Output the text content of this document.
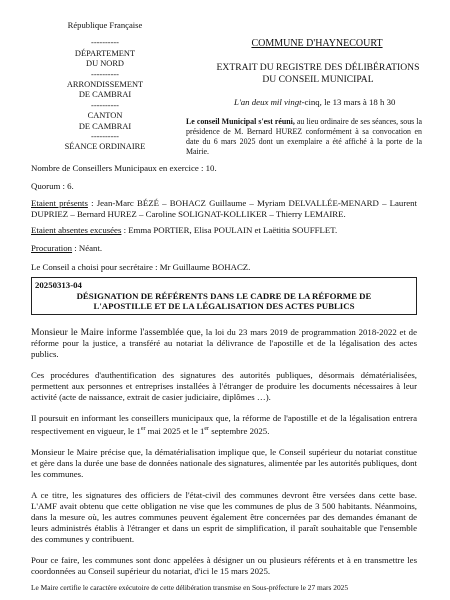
République Française
----------
DÉPARTEMENT
DU NORD
----------
ARRONDISSEMENT
DE CAMBRAI
----------
CANTON
DE CAMBRAI
----------
SÉANCE ORDINAIRE
COMMUNE D'HAYNECOURT
EXTRAIT DU REGISTRE DES DÉLIBÉRATIONS
DU CONSEIL MUNICIPAL
L'an deux mil vingt-cinq, le 13 mars à 18 h 30
Le conseil Municipal s'est réuni, au lieu ordinaire de ses séances, sous la présidence de M. Bernard HUREZ conformément à sa convocation en date du 6 mars 2025 dont un exemplaire a été affiché à la porte de la Mairie.
Nombre de Conseillers Municipaux en exercice : 10.
Quorum : 6.
Etaient présents : Jean-Marc BÉZÉ – BOHACZ Guillaume – Myriam DELVALLÉE-MENARD – Laurent DUPRIEZ – Bernard HUREZ – Caroline SOLIGNAT-KOLLIKER – Thierry LEMAIRE.
Etaient absentes excusées : Emma PORTIER, Elisa POULAIN et Laëtitia SOUFFLET.
Procuration : Néant.
Le Conseil a choisi pour secrétaire : Mr Guillaume BOHACZ.
20250313-04
DÉSIGNATION DE RÉFÉRENTS DANS LE CADRE DE LA RÉFORME DE
L'APOSTILLE ET DE LA LÉGALISATION DES ACTES PUBLICS

Monsieur le Maire informe l'assemblée que, la loi du 23 mars 2019 de programmation 2018-2022 et de réforme pour la justice, a transféré au notariat la délivrance de l'apostille et de la légalisation des actes publics.

Ces procédures d'authentification des signatures des autorités publiques, désormais dématérialisées, permettent aux personnes et entreprises installées à l'étranger de produire les documents nécessaires à leur activité (acte de naissance, extrait de casier judiciaire, diplômes …).

Il poursuit en informant les conseillers municipaux que, la réforme de l'apostille et de la légalisation entrera respectivement en vigueur, le 1er mai 2025 et le 1er septembre 2025.

Monsieur le Maire précise que, la dématérialisation implique que, le Conseil supérieur du notariat constitue et gère dans la durée une base de données nationale des signatures, alimentée par les autorités publiques, dont les communes.

A ce titre, les signatures des officiers de l'état-civil des communes devront être versées dans cette base. L'AMF avait obtenu que cette obligation ne vise que les communes de plus de 3 500 habitants. Néanmoins, dans la mesure où, les autres communes peuvent également être concernées par des demandes émanant de leurs administrés établis à l'étranger et dans un esprit de simplification, il paraît souhaitable que l'ensemble des communes y contribuent.

Pour ce faire, les communes sont donc appelées à désigner un ou plusieurs référents et à en transmettre les coordonnées au Conseil supérieur du notariat, d'ici le 15 mars 2025.

Le Maire certifie le caractère exécutoire de cette délibération transmise en Sous-préfecture le 27 mars 2025
